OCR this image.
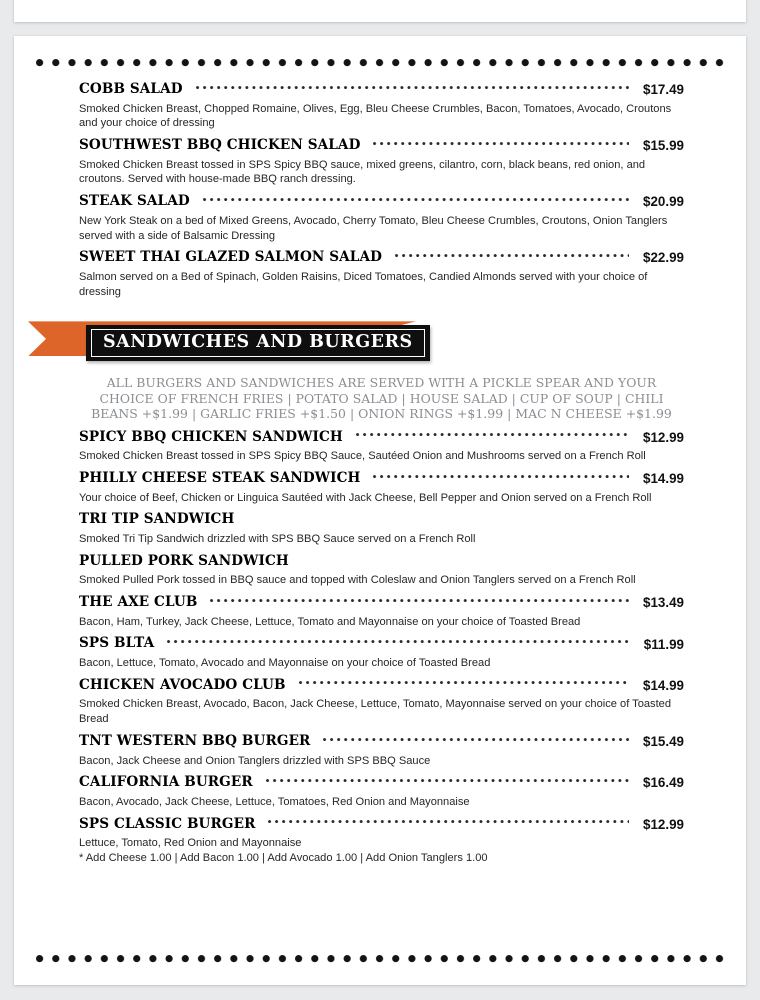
COBB SALAD	$17.49
Smoked Chicken Breast, Chopped Romaine, Olives, Egg, Bleu Cheese Crumbles, Bacon, Tomatoes, Avocado, Croutons and your choice of dressing
SOUTHWEST BBQ CHICKEN SALAD	$15.99
Smoked Chicken Breast tossed in SPS Spicy BBQ sauce, mixed greens, cilantro, corn, black beans, red onion, and croutons. Served with house-made BBQ ranch dressing.
STEAK SALAD	$20.99
New York Steak on a bed of Mixed Greens, Avocado, Cherry Tomato, Bleu Cheese Crumbles, Croutons, Onion Tanglers served with a side of Balsamic Dressing
SWEET THAI GLAZED SALMON SALAD	$22.99
Salmon served on a Bed of Spinach, Golden Raisins, Diced Tomatoes, Candied Almonds served with your choice of dressing
SANDWICHES AND BURGERS
ALL BURGERS AND SANDWICHES ARE SERVED WITH A PICKLE SPEAR AND YOUR
CHOICE OF FRENCH FRIES | POTATO SALAD | HOUSE SALAD | CUP OF SOUP | CHILI
BEANS +$1.99 | GARLIC FRIES +$1.50 | ONION RINGS +$1.99 | MAC N CHEESE +$1.99
SPICY BBQ CHICKEN SANDWICH	$12.99
Smoked Chicken Breast tossed in SPS Spicy BBQ Sauce, Sautéed Onion and Mushrooms served on a French Roll
PHILLY CHEESE STEAK SANDWICH	$14.99
Your choice of Beef, Chicken or Linguica Sautéed with Jack Cheese, Bell Pepper and Onion served on a French Roll
TRI TIP SANDWICH
Smoked Tri Tip Sandwich drizzled with SPS BBQ Sauce served on a French Roll
PULLED PORK SANDWICH
Smoked Pulled Pork tossed in BBQ sauce and topped with Coleslaw and Onion Tanglers served on a French Roll
THE AXE CLUB	$13.49
Bacon, Ham, Turkey, Jack Cheese, Lettuce, Tomato and Mayonnaise on your choice of Toasted Bread
SPS BLTA	$11.99
Bacon, Lettuce, Tomato, Avocado and Mayonnaise on your choice of Toasted Bread
CHICKEN AVOCADO CLUB	$14.99
Smoked Chicken Breast, Avocado, Bacon, Jack Cheese, Lettuce, Tomato, Mayonnaise served on your choice of Toasted Bread
TNT WESTERN BBQ BURGER	$15.49
Bacon, Jack Cheese and Onion Tanglers drizzled with SPS BBQ Sauce
CALIFORNIA BURGER	$16.49
Bacon, Avocado, Jack Cheese, Lettuce, Tomatoes, Red Onion and Mayonnaise
SPS CLASSIC BURGER	$12.99
Lettuce, Tomato, Red Onion and Mayonnaise
* Add Cheese 1.00 | Add Bacon 1.00 | Add Avocado 1.00 | Add Onion Tanglers 1.00
